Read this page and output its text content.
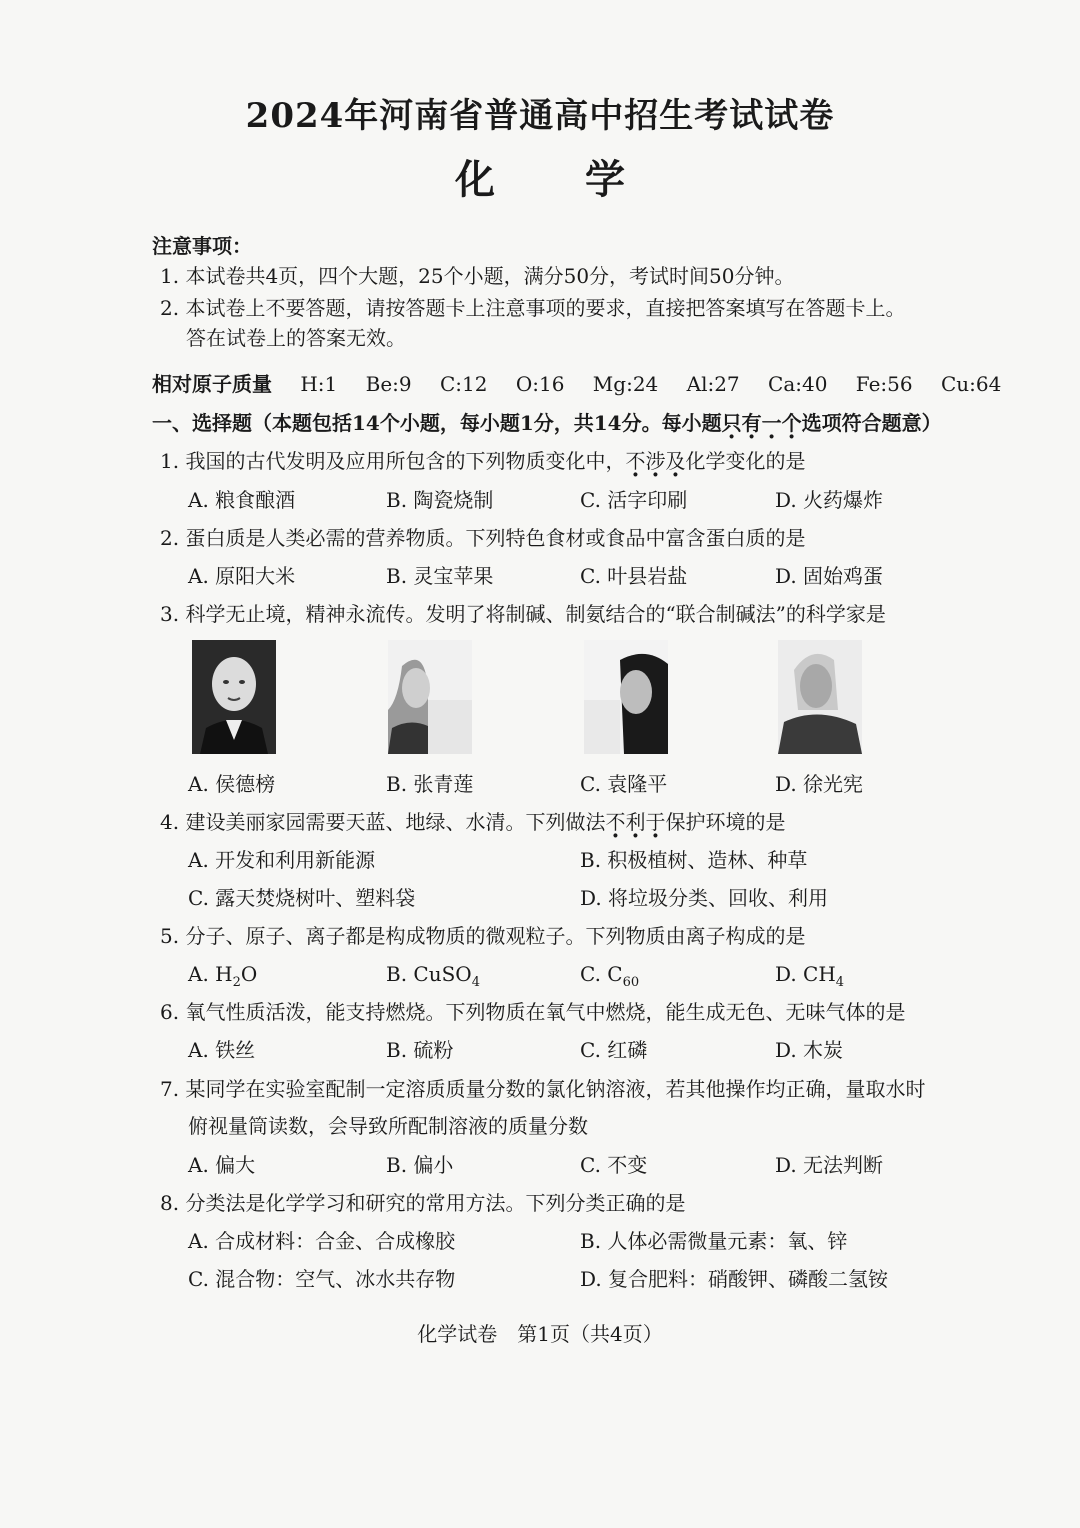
2024年河南省普通高中招生考试试卷
化学
注意事项：
1. 本试卷共4页，四个大题，25个小题，满分50分，考试时间50分钟。
2. 本试卷上不要答题，请按答题卡上注意事项的要求，直接把答案填写在答题卡上。
答在试卷上的答案无效。
相对原子质量 H:1 Be:9 C:12 O:16 Mg:24 Al:27 Ca:40 Fe:56 Cu:64
一、选择题（本题包括14个小题，每小题1分，共14分。每小题只有一个选项符合题意）
1. 我国的古代发明及应用所包含的下列物质变化中，不涉及化学变化的是
A. 粮食酿酒	B. 陶瓷烧制	C. 活字印刷	D. 火药爆炸
2. 蛋白质是人类必需的营养物质。下列特色食材或食品中富含蛋白质的是
A. 原阳大米	B. 灵宝苹果	C. 叶县岩盐	D. 固始鸡蛋
3. 科学无止境，精神永流传。发明了将制碱、制氨结合的“联合制碱法”的科学家是
A. 侯德榜	B. 张青莲	C. 袁隆平	D. 徐光宪
4. 建设美丽家园需要天蓝、地绿、水清。下列做法不利于保护环境的是
A. 开发和利用新能源	B. 积极植树、造林、种草
C. 露天焚烧树叶、塑料袋	D. 将垃圾分类、回收、利用
5. 分子、原子、离子都是构成物质的微观粒子。下列物质由离子构成的是
A. $H_2O$	B. CuSO$_4$	C. $C_{60}$	D. $CH_4$
6. 氧气性质活泼，能支持燃烧。下列物质在氧气中燃烧，能生成无色、无味气体的是
A. 铁丝	B. 硫粉	C. 红磷	D. 木炭
7. 某同学在实验室配制一定溶质质量分数的氯化钠溶液，若其他操作均正确，量取水时
俯视量筒读数，会导致所配制溶液的质量分数
A. 偏大	B. 偏小	C. 不变	D. 无法判断
8. 分类法是化学学习和研究的常用方法。下列分类正确的是
A. 合成材料：合金、合成橡胶	B. 人体必需微量元素：氧、锌
C. 混合物：空气、冰水共存物	D. 复合肥料：硝酸钾、磷酸二氢铵
化学试卷　第1页（共4页）
